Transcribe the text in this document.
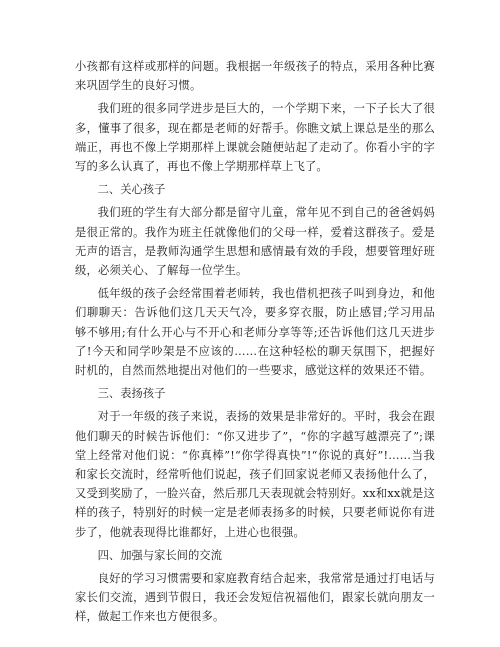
小孩都有这样或那样的问题。我根据一年级孩子的特点，采用各种比赛来巩固学生的良好习惯。

我们班的很多同学进步是巨大的，一个学期下来，一下子长大了很多，懂事了很多，现在都是老师的好帮手。你瞧文斌上课总是坐的那么端正，再也不像上学期那样上课就会随便站起了走动了。你看小宇的字写的多么认真了，再也不像上学期那样草上飞了。

二、关心孩子

我们班的学生有大部分都是留守儿童，常年见不到自己的爸爸妈妈是很正常的。我作为班主任就像他们的父母一样，爱着这群孩子。爱是无声的语言，是教师沟通学生思想和感情最有效的手段，想要管理好班级，必须关心、了解每一位学生。

低年级的孩子会经常围着老师转，我也借机把孩子叫到身边，和他们聊聊天：告诉他们这几天天气冷，要多穿衣服，防止感冒;学习用品够不够用;有什么开心与不开心和老师分享等等;还告诉他们这几天进步了!今天和同学吵架是不应该的……在这种轻松的聊天氛围下，把握好时机的，自然而然地提出对他们的一些要求，感觉这样的效果还不错。

三、表扬孩子

对于一年级的孩子来说，表扬的效果是非常好的。平时，我会在跟他们聊天的时候告诉他们：“你又进步了”，“你的字越写越漂亮了”;课堂上经常对他们说：“你真棒”!“你学得真快”!“你说的真好”!……当我和家长交流时，经常听他们说起，孩子们回家说老师又表扬他什么了，又受到奖励了，一脸兴奋，然后那几天表现就会特别好。xx和xx就是这样的孩子，特别好的时候一定是老师表扬多的时候，只要老师说你有进步了，他就表现得比谁都好，上进心也很强。

四、加强与家长间的交流

良好的学习习惯需要和家庭教育结合起来，我常常是通过打电话与家长们交流，遇到节假日，我还会发短信祝福他们，跟家长就向朋友一样，做起工作来也方便很多。
